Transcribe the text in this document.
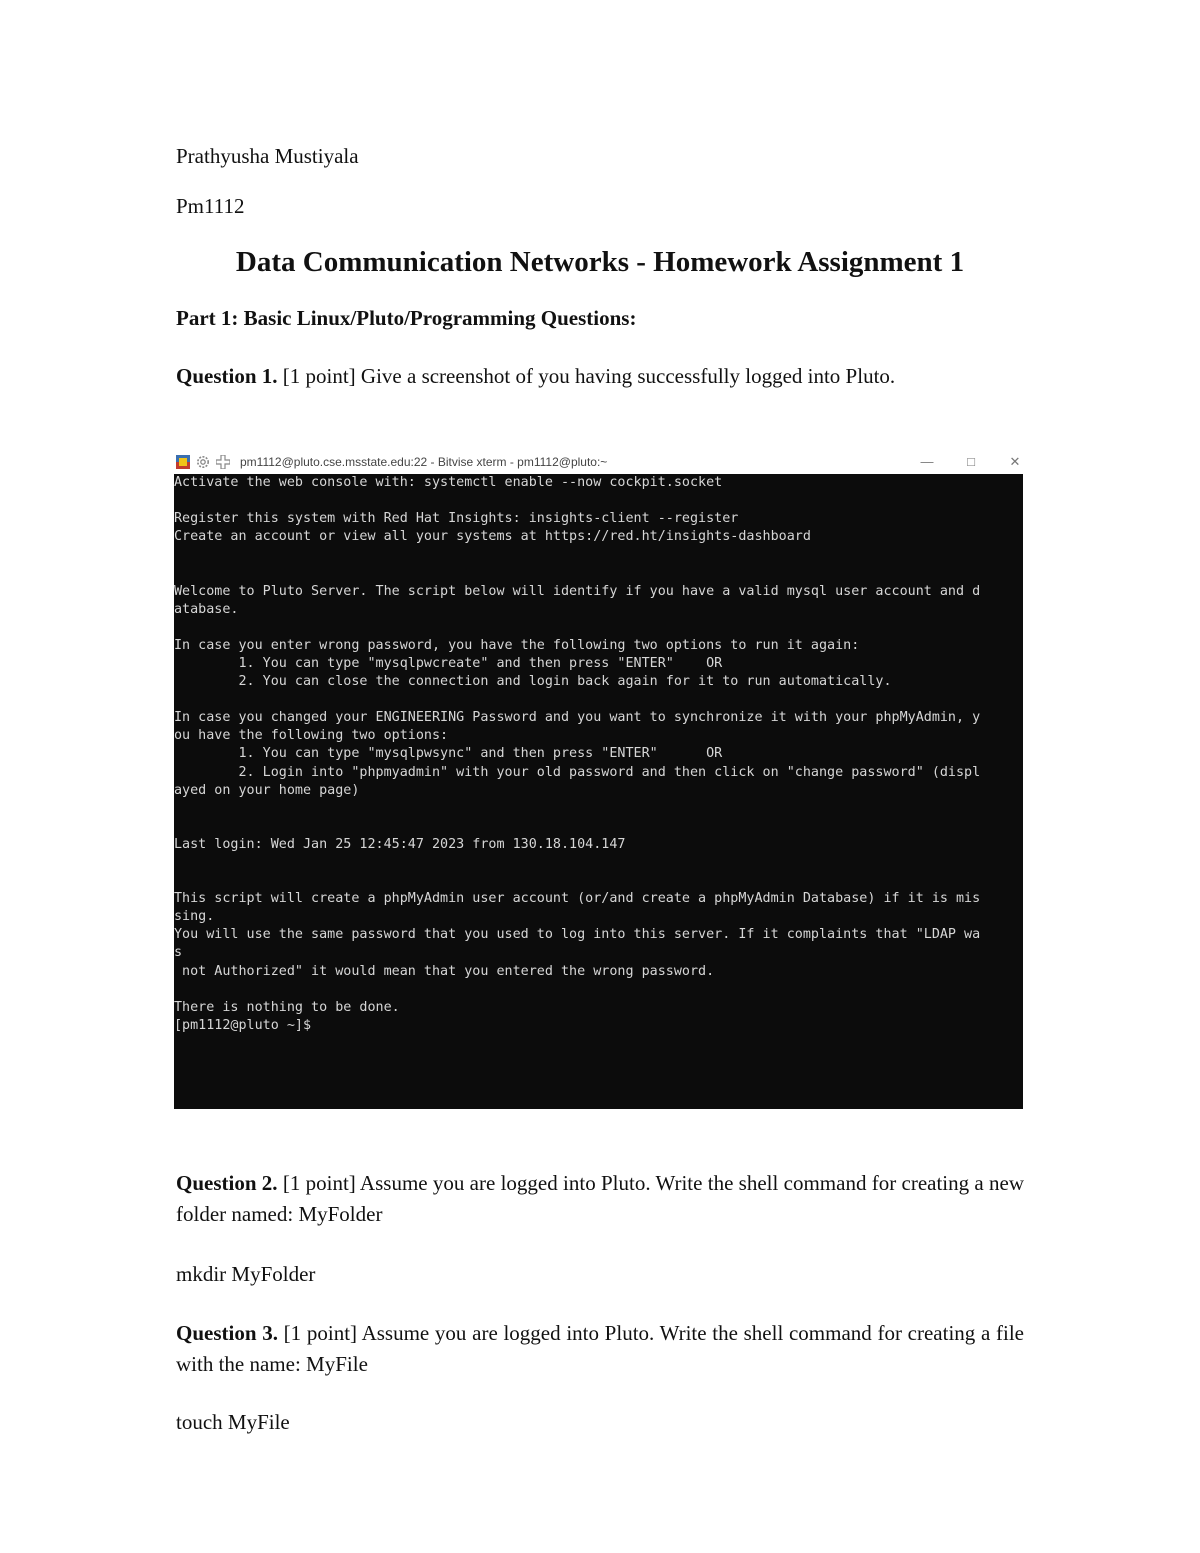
Prathyusha Mustiyala
Pm1112
Data Communication Networks - Homework Assignment 1
Part 1: Basic Linux/Pluto/Programming Questions:
Question 1. [1 point] Give a screenshot of you having successfully logged into Pluto.
pm1112@pluto.cse.msstate.edu:22 - Bitvise xterm - pm1112@pluto:~	—	□	✕
Activate the web console with: systemctl enable --now cockpit.socket
Register this system with Red Hat Insights: insights-client --register
Create an account or view all your systems at https://red.ht/insights-dashboard
Welcome to Pluto Server. The script below will identify if you have a valid mysql user account and d
atabase.
In case you enter wrong password, you have the following two options to run it again:
1. You can type "mysqlpwcreate" and then press "ENTER"    OR
2. You can close the connection and login back again for it to run automatically.
In case you changed your ENGINEERING Password and you want to synchronize it with your phpMyAdmin, y
ou have the following two options:
1. You can type "mysqlpwsync" and then press "ENTER"      OR
2. Login into "phpmyadmin" with your old password and then click on "change password" (displ
ayed on your home page)
Last login: Wed Jan 25 12:45:47 2023 from 130.18.104.147
This script will create a phpMyAdmin user account (or/and create a phpMyAdmin Database) if it is mis
sing.
You will use the same password that you used to log into this server. If it complaints that "LDAP wa
s
not Authorized" it would mean that you entered the wrong password.
There is nothing to be done.
[pm1112@pluto ~]$
Question 2. [1 point] Assume you are logged into Pluto. Write the shell command for creating a new folder named: MyFolder
mkdir MyFolder
Question 3. [1 point] Assume you are logged into Pluto. Write the shell command for creating a file with the name: MyFile
touch MyFile
